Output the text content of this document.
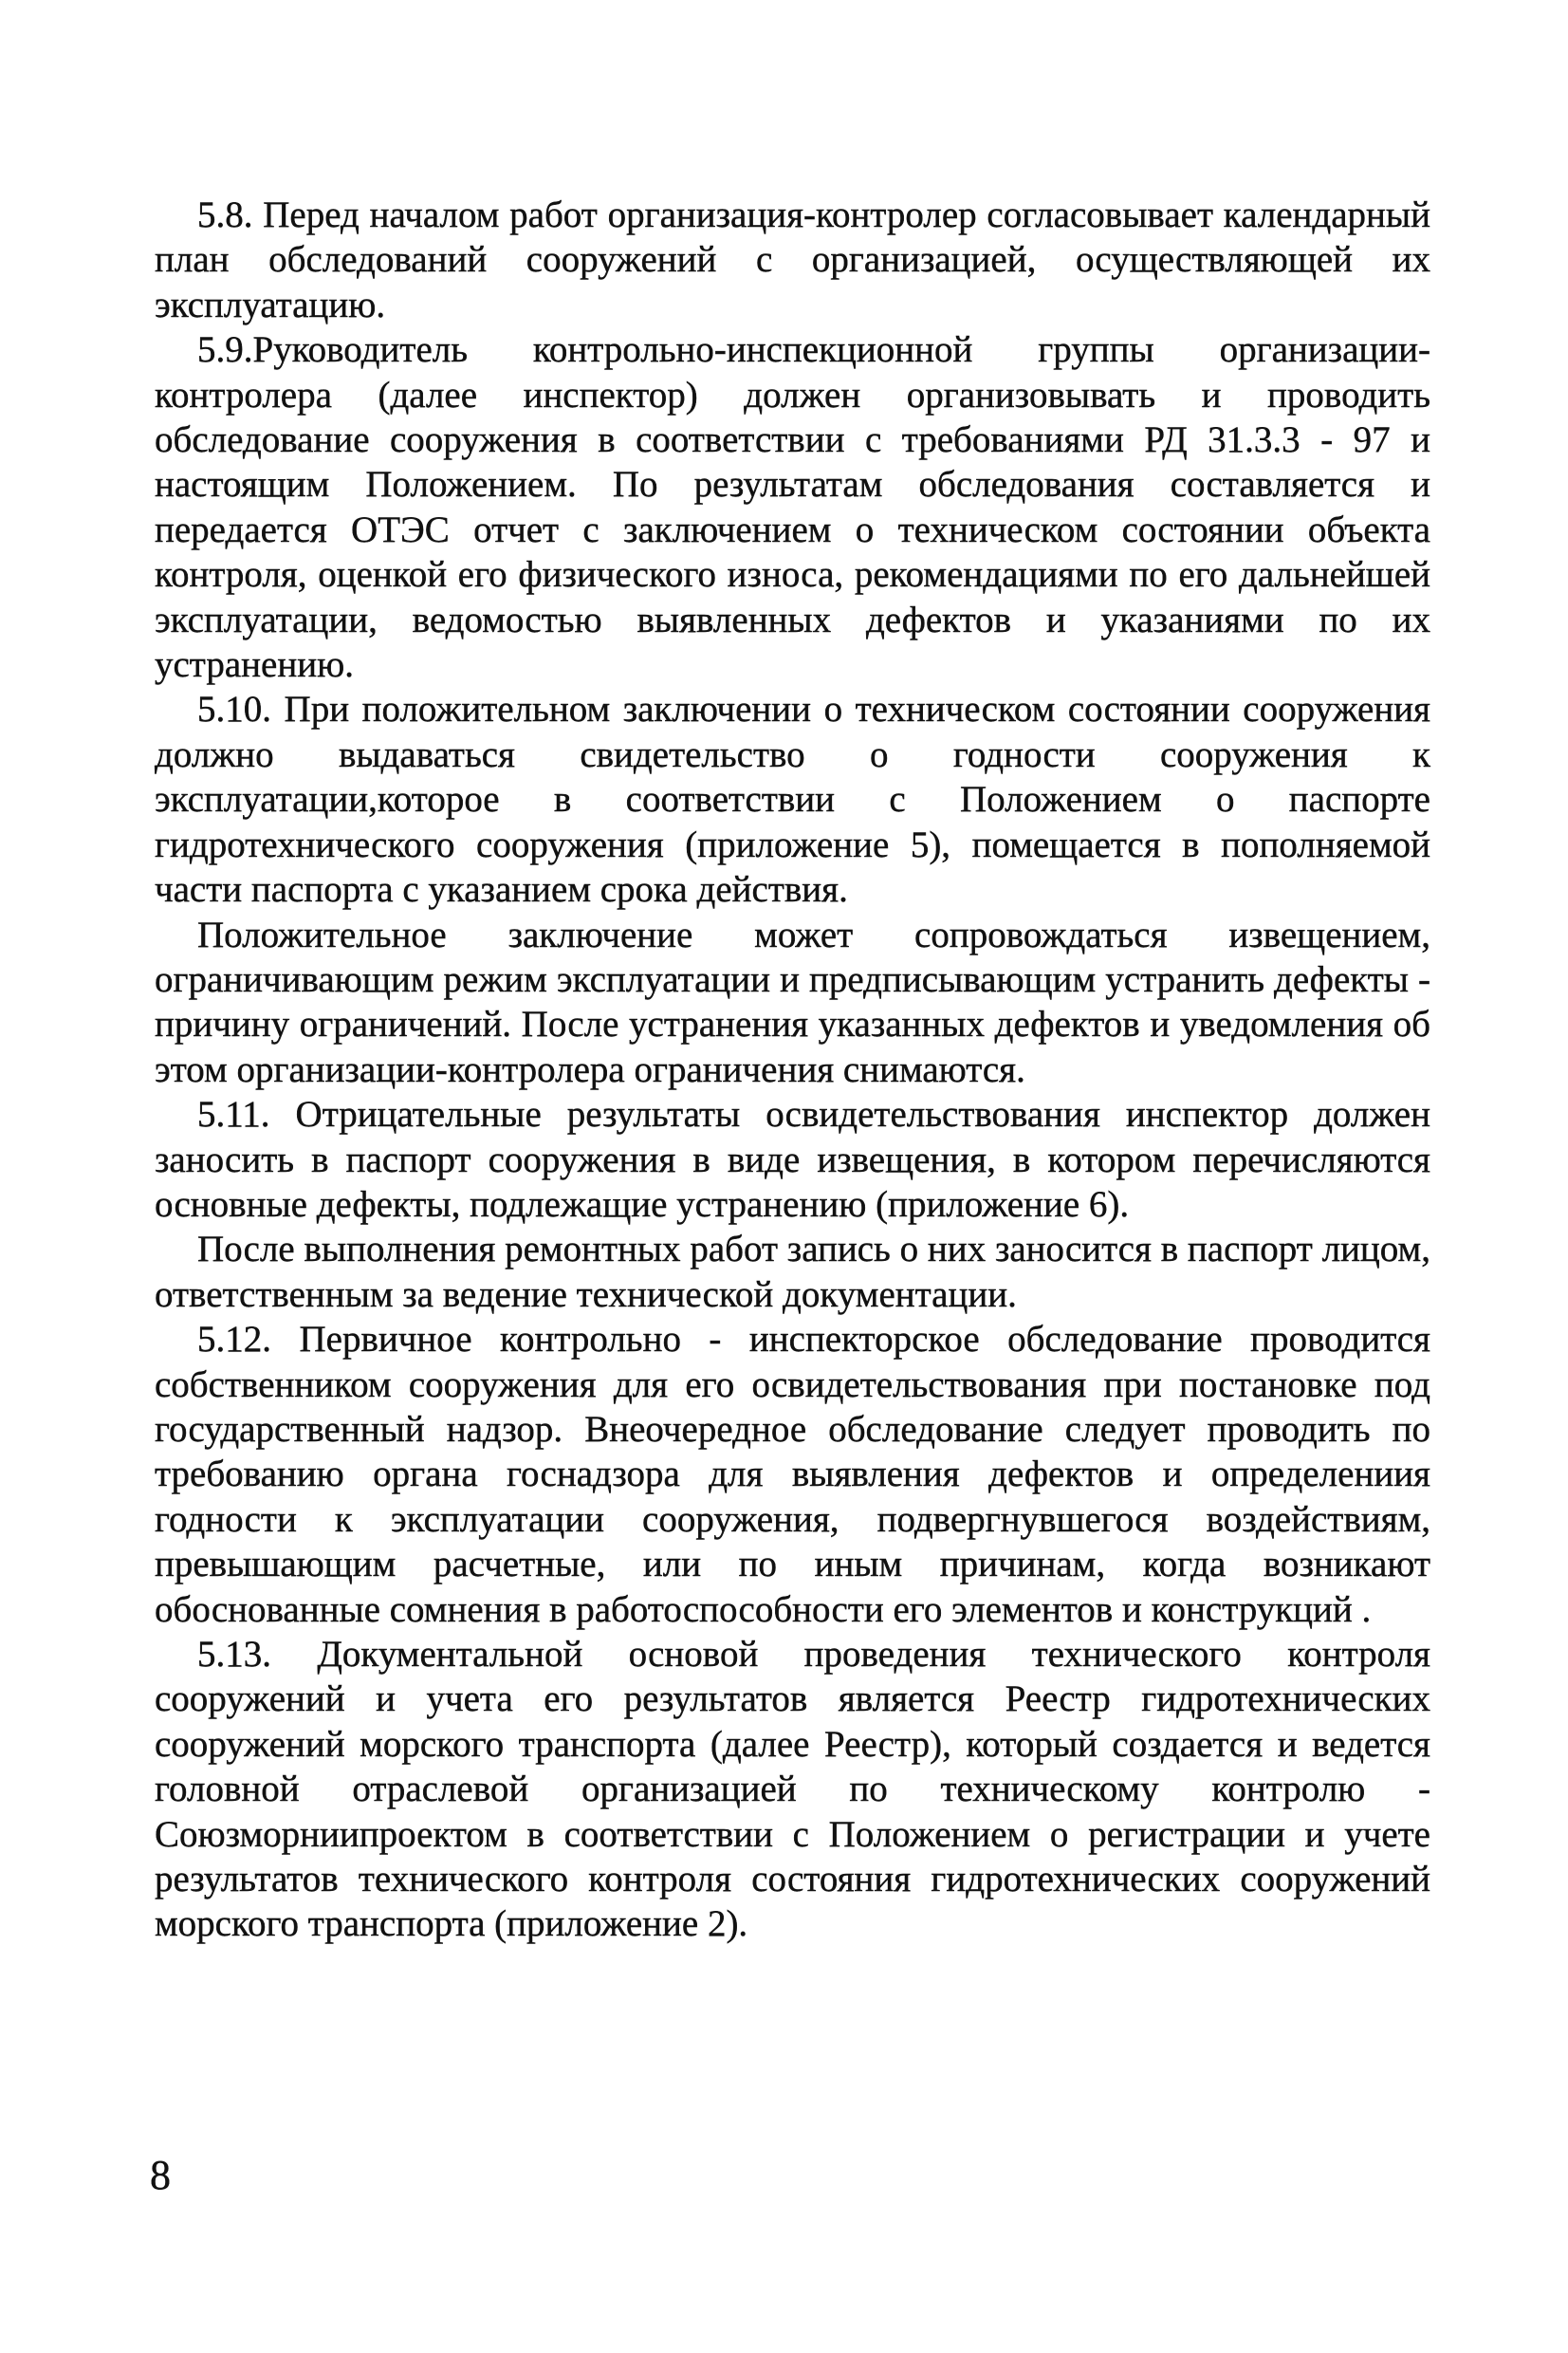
5.8. Перед началом работ организация-контролер согласовывает календарный план обследований сооружений с организацией, осуществляющей их эксплуатацию.

5.9.Руководитель контрольно-инспекционной группы организации-контролера (далее инспектор) должен организовывать и проводить обследование сооружения в соответствии с требованиями РД 31.3.3 - 97 и настоящим Положением. По результатам обследования составляется и передается ОТЭС отчет с заключением о техническом состоянии объекта контроля, оценкой его физического износа, рекомендациями по его дальнейшей эксплуатации, ведомостью выявленных дефектов и указаниями по их устранению.

5.10. При положительном заключении о техническом состоянии сооружения должно выдаваться свидетельство о годности сооружения к эксплуатации,которое в соответствии с Положением о паспорте гидротехнического сооружения (приложение 5), помещается в пополняемой части паспорта с указанием срока действия.

Положительное заключение может сопровождаться извещением, ограничивающим режим эксплуатации и предписывающим устранить дефекты - причину ограничений. После устранения указанных дефектов и уведомления об этом организации-контролера ограничения снимаются.

5.11. Отрицательные результаты освидетельствования инспектор должен заносить в паспорт сооружения в виде извещения, в котором перечисляются основные дефекты, подлежащие устранению (приложение 6).

После выполнения ремонтных работ запись о них заносится в паспорт лицом, ответственным за ведение технической документации.

5.12. Первичное контрольно - инспекторское обследование проводится собственником сооружения для его освидетельствования при постановке под государственный надзор. Внеочередное обследование следует проводить по требованию органа госнадзора для выявления дефектов и определениия годности к эксплуатации сооружения, подвергнувшегося воздействиям, превышающим расчетные, или по иным причинам, когда возникают обоснованные сомнения в работоспособности его элементов и конструкций .

5.13. Документальной основой проведения технического контроля сооружений и учета его результатов является Реестр гидротехнических сооружений морского транспорта (далее Реестр), который создается и ведется головной отраслевой организацией по техническому контролю - Союзморниипроектом в соответствии с Положением о регистрации и учете результатов технического контроля состояния гидротехнических сооружений морского транспорта (приложение 2).

8
